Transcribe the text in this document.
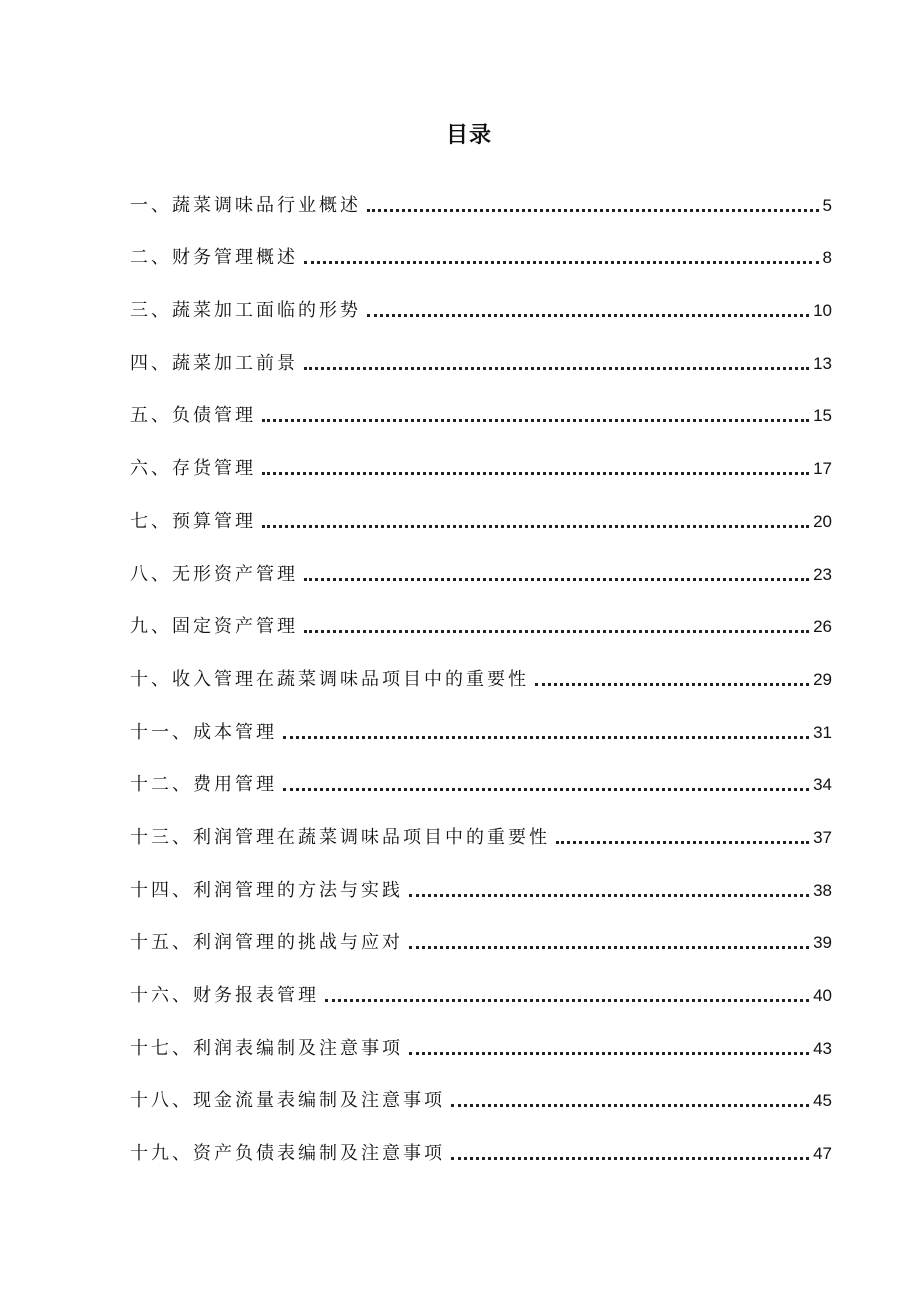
目录
一、蔬菜调味品行业概述	5
二、财务管理概述	8
三、蔬菜加工面临的形势	10
四、蔬菜加工前景	13
五、负债管理	15
六、存货管理	17
七、预算管理	20
八、无形资产管理	23
九、固定资产管理	26
十、收入管理在蔬菜调味品项目中的重要性	29
十一、成本管理	31
十二、费用管理	34
十三、利润管理在蔬菜调味品项目中的重要性	37
十四、利润管理的方法与实践	38
十五、利润管理的挑战与应对	39
十六、财务报表管理	40
十七、利润表编制及注意事项	43
十八、现金流量表编制及注意事项	45
十九、资产负债表编制及注意事项	47
